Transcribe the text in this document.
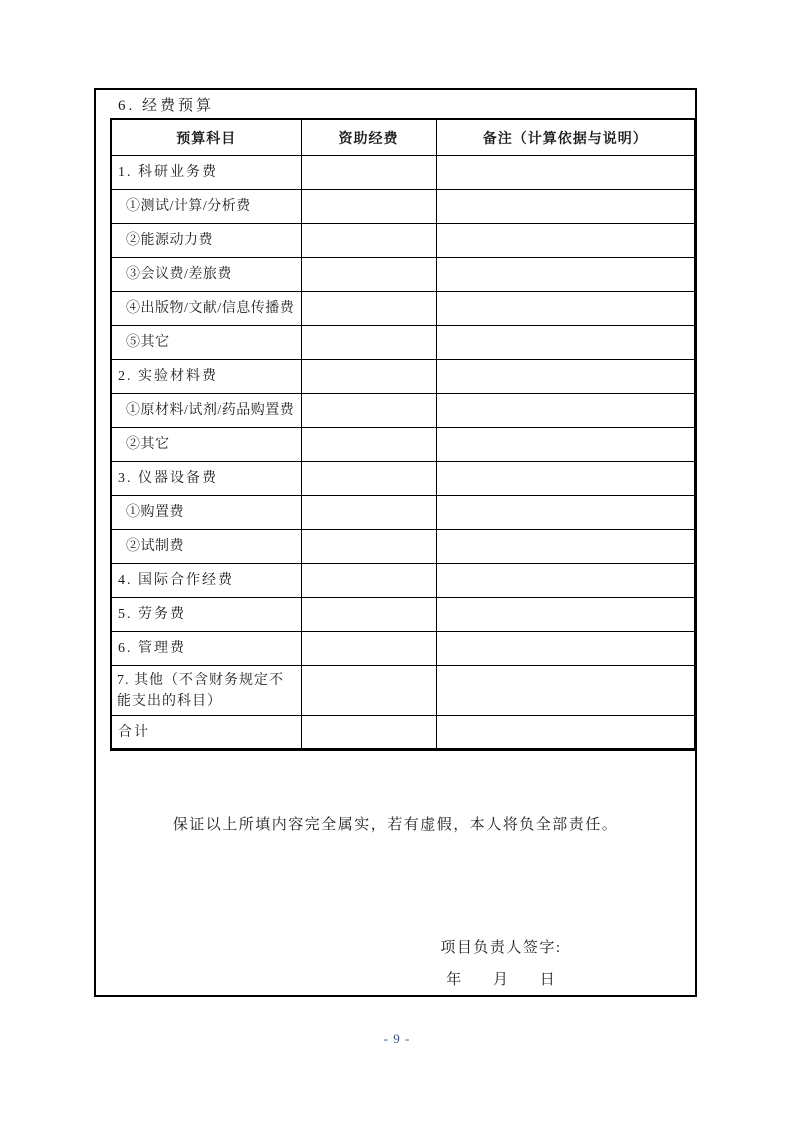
6. 经费预算
预算科目	资助经费	备注（计算依据与说明）
1. 科研业务费		
①测试/计算/分析费		
②能源动力费		
③会议费/差旅费		
④出版物/文献/信息传播费		
⑤其它		
2. 实验材料费		
①原材料/试剂/药品购置费		
②其它		
3. 仪器设备费		
①购置费		
②试制费		
4. 国际合作经费		
5. 劳务费		
6. 管理费		
7. 其他（不含财务规定不能支出的科目）		
合计		
保证以上所填内容完全属实，若有虚假，本人将负全部责任。
项目负责人签字:
年 月 日
- 9 -
